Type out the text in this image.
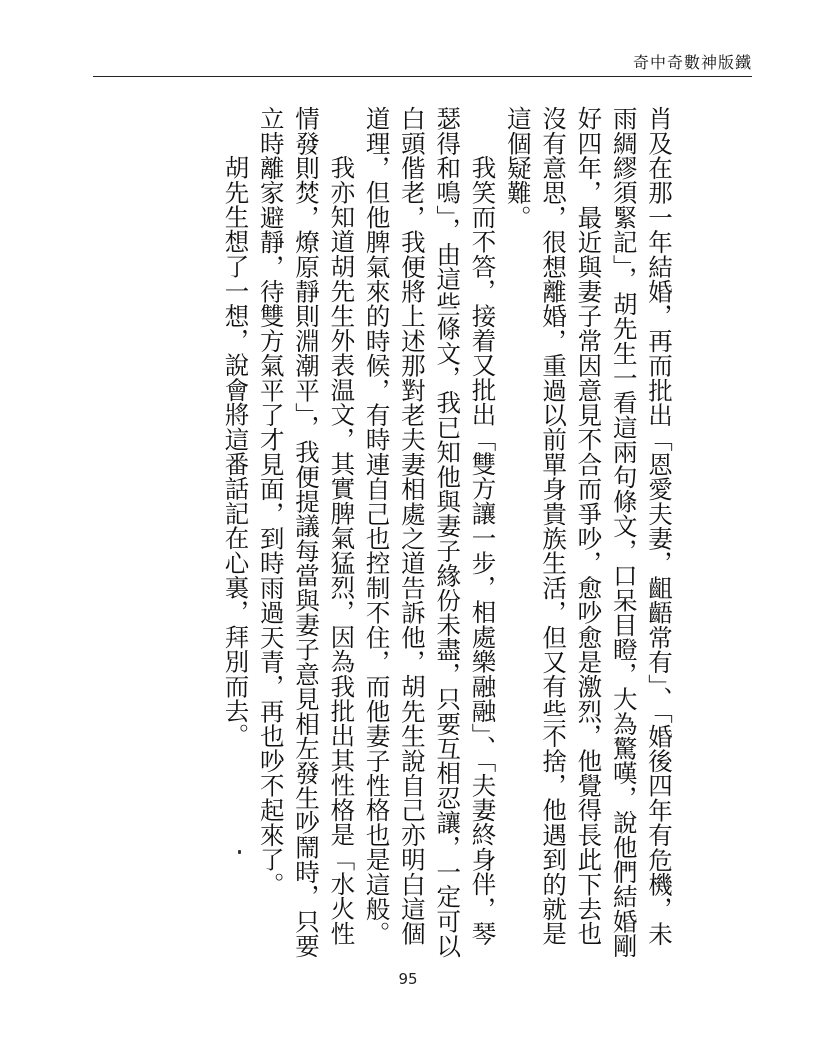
奇中奇數神版鐵

肖及在那一年結婚，再而批出「恩愛夫妻，齟齬常有」、「婚後四年有危機，未雨綢繆須緊記」，胡先生一看這兩句條文，口呆目瞪，大為驚嘆，說他們結婚剛好四年，最近與妻子常因意見不合而爭吵，愈吵愈是激烈，他覺得長此下去也沒有意思，很想離婚，重過以前單身貴族生活，但又有些不捨，他遇到的就是這個疑難。

我笑而不答，接着又批出「雙方讓一步，相處樂融融」、「夫妻終身伴，琴瑟得和鳴」，由這些條文，我已知他與妻子緣份未盡，只要互相忍讓，一定可以白頭偕老，我便將上述那對老夫妻相處之道告訴他，胡先生說自己亦明白這個道理，但他脾氣來的時候，有時連自己也控制不住，而他妻子性格也是這般。

我亦知道胡先生外表温文，其實脾氣猛烈，因為我批出其性格是「水火性情發則焚，燎原靜則淵潮平」，我便提議每當與妻子意見相左發生吵鬧時，只要立時離家避靜，待雙方氣平了才見面，到時雨過天青，再也吵不起來了。

胡先生想了一想，說會將這番話記在心裏，拜別而去。

95
